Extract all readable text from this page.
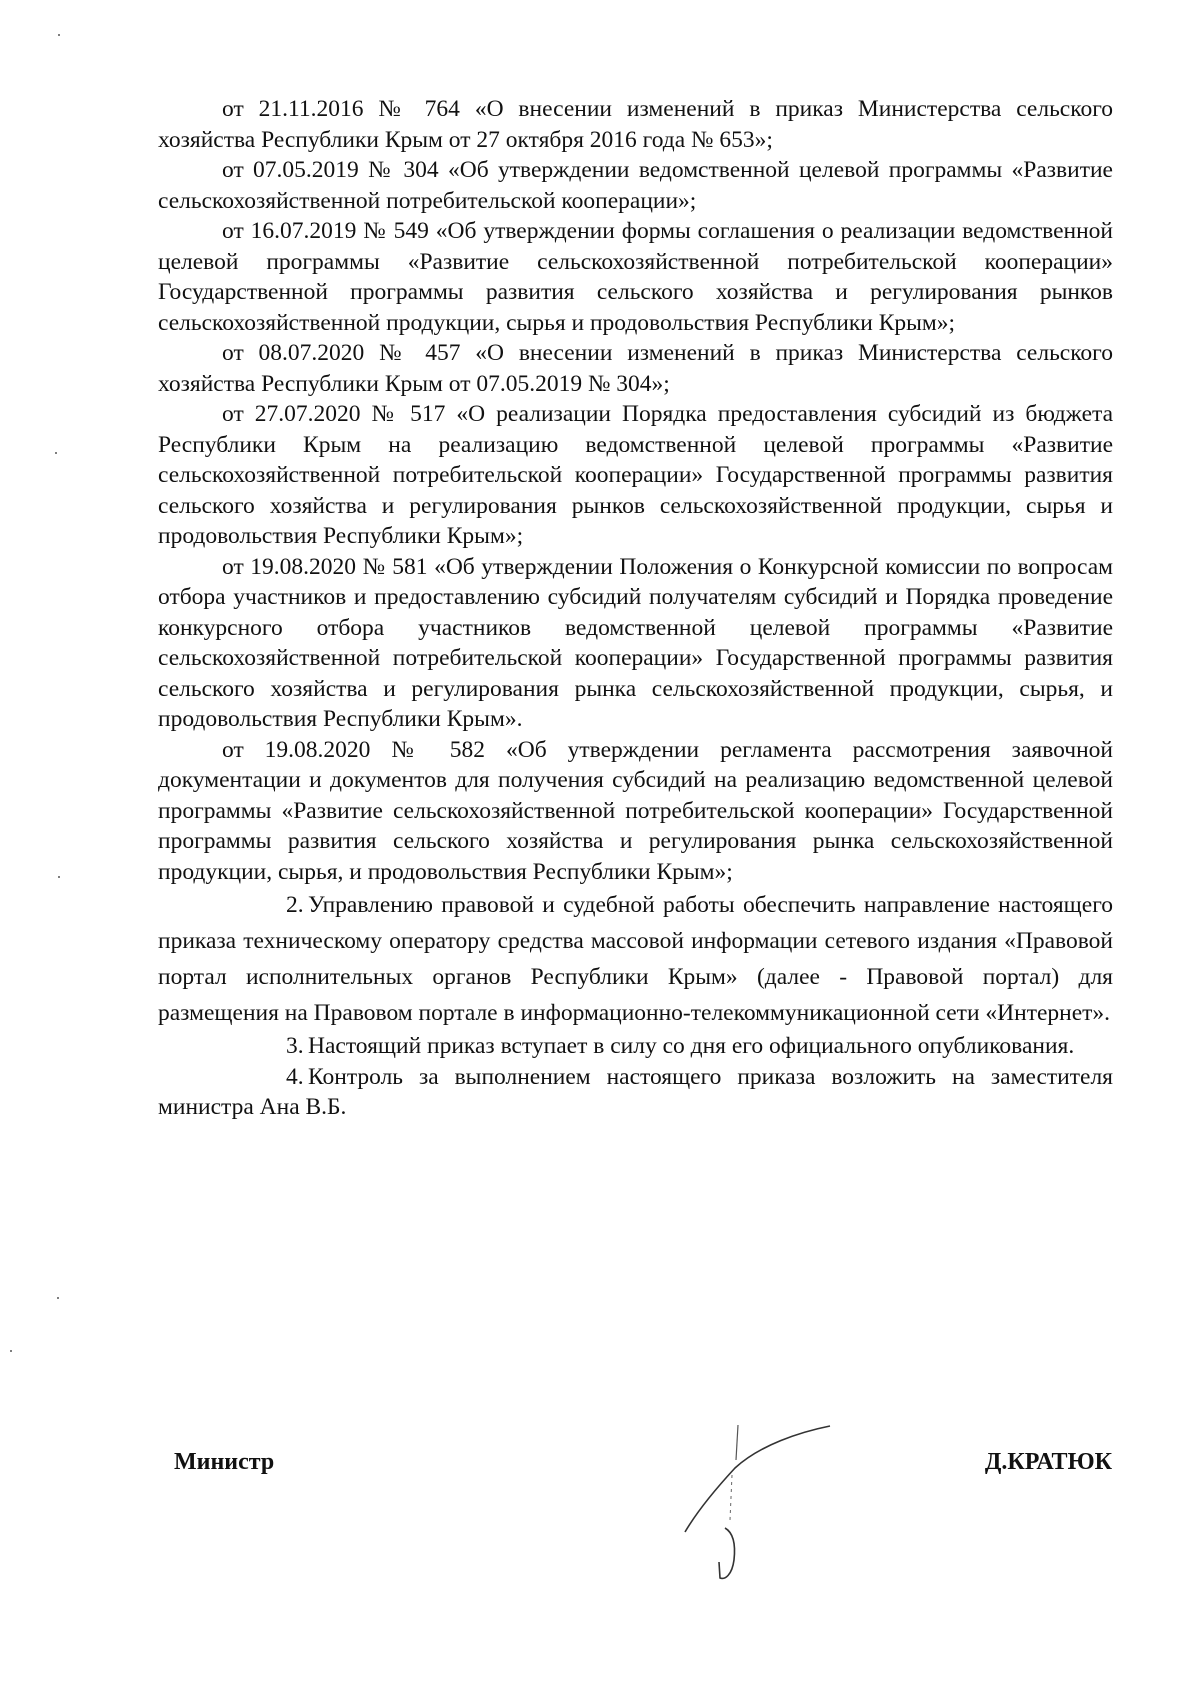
от 21.11.2016 № 764 «О внесении изменений в приказ Министерства сельского хозяйства Республики Крым от 27 октября 2016 года № 653»;

от 07.05.2019 № 304 «Об утверждении ведомственной целевой программы «Развитие сельскохозяйственной потребительской кооперации»;

от 16.07.2019 № 549 «Об утверждении формы соглашения о реализации ведомственной целевой программы «Развитие сельскохозяйственной потребительской кооперации» Государственной программы развития сельского хозяйства и регулирования рынков сельскохозяйственной продукции, сырья и продовольствия Республики Крым»;

от 08.07.2020 № 457 «О внесении изменений в приказ Министерства сельского хозяйства Республики Крым от 07.05.2019 № 304»;

от 27.07.2020 № 517 «О реализации Порядка предоставления субсидий из бюджета Республики Крым на реализацию ведомственной целевой программы «Развитие сельскохозяйственной потребительской кооперации» Государственной программы развития сельского хозяйства и регулирования рынков сельскохозяйственной продукции, сырья и продовольствия Республики Крым»;

от 19.08.2020 № 581 «Об утверждении Положения о Конкурсной комиссии по вопросам отбора участников и предоставлению субсидий получателям субсидий и Порядка проведение конкурсного отбора участников ведомственной целевой программы «Развитие сельскохозяйственной потребительской кооперации» Государственной программы развития сельского хозяйства и регулирования рынка сельскохозяйственной продукции, сырья, и продовольствия Республики Крым».

от 19.08.2020 № 582 «Об утверждении регламента рассмотрения заявочной документации и документов для получения субсидий на реализацию ведомственной целевой программы «Развитие сельскохозяйственной потребительской кооперации» Государственной программы развития сельского хозяйства и регулирования рынка сельскохозяйственной продукции, сырья, и продовольствия Республики Крым»;

2. Управлению правовой и судебной работы обеспечить направление настоящего приказа техническому оператору средства массовой информации сетевого издания «Правовой портал исполнительных органов Республики Крым» (далее - Правовой портал) для размещения на Правовом портале в информационно-телекоммуникационной сети «Интернет».

3. Настоящий приказ вступает в силу со дня его официального опубликования.

4. Контроль за выполнением настоящего приказа возложить на заместителя министра Ана В.Б.

Министр	Д.КРАТЮК
